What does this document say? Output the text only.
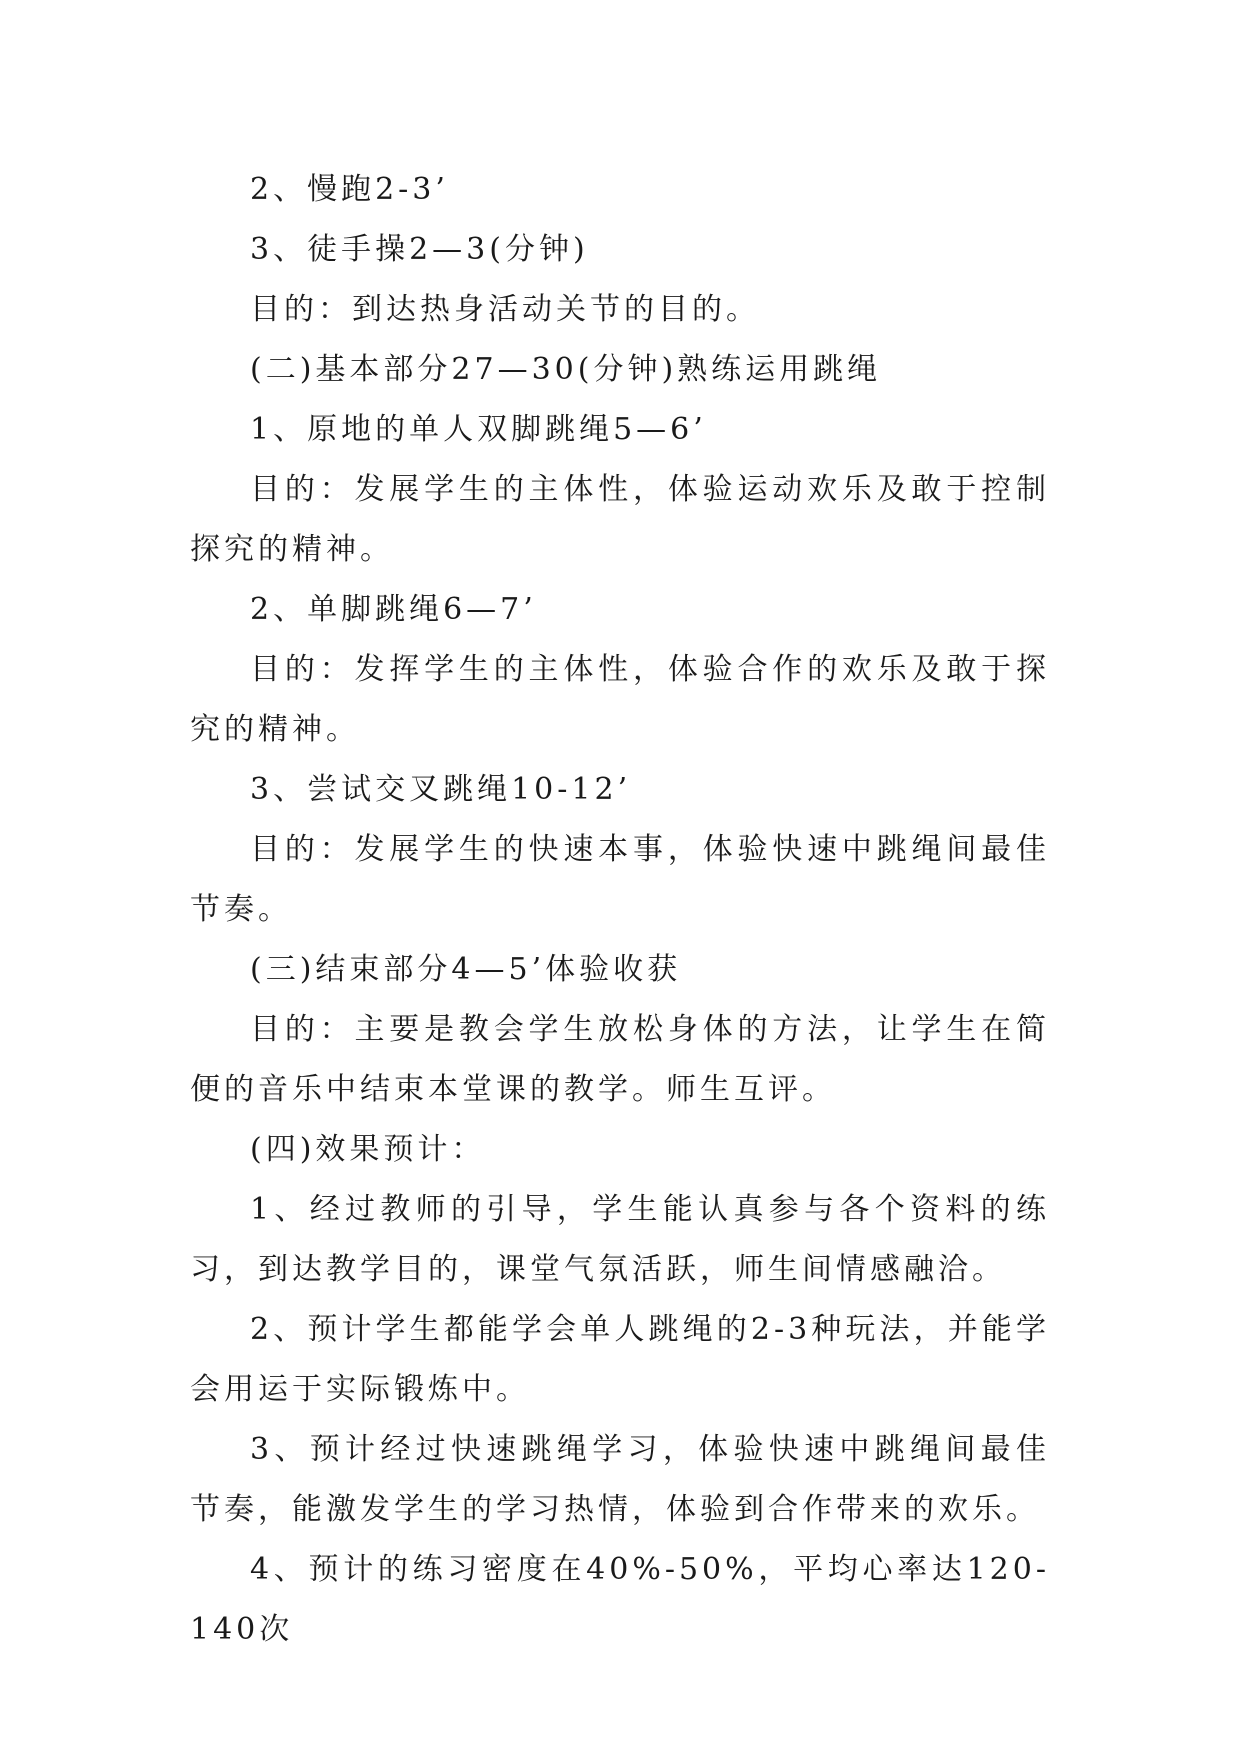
2、慢跑2-3’

3、徒手操2—3(分钟)

目的：到达热身活动关节的目的。

(二)基本部分27—30(分钟)熟练运用跳绳

1、原地的单人双脚跳绳5—6’

目的：发展学生的主体性，体验运动欢乐及敢于控制探究的精神。

2、单脚跳绳6—7’

目的：发挥学生的主体性，体验合作的欢乐及敢于探究的精神。

3、尝试交叉跳绳10-12’

目的：发展学生的快速本事，体验快速中跳绳间最佳节奏。

(三)结束部分4—5’体验收获

目的：主要是教会学生放松身体的方法，让学生在简便的音乐中结束本堂课的教学。师生互评。

(四)效果预计：

1、经过教师的引导，学生能认真参与各个资料的练习，到达教学目的，课堂气氛活跃，师生间情感融洽。

2、预计学生都能学会单人跳绳的2-3种玩法，并能学会用运于实际锻炼中。

3、预计经过快速跳绳学习，体验快速中跳绳间最佳节奏，能激发学生的学习热情，体验到合作带来的欢乐。

4、预计的练习密度在40%-50%，平均心率达120-140次
